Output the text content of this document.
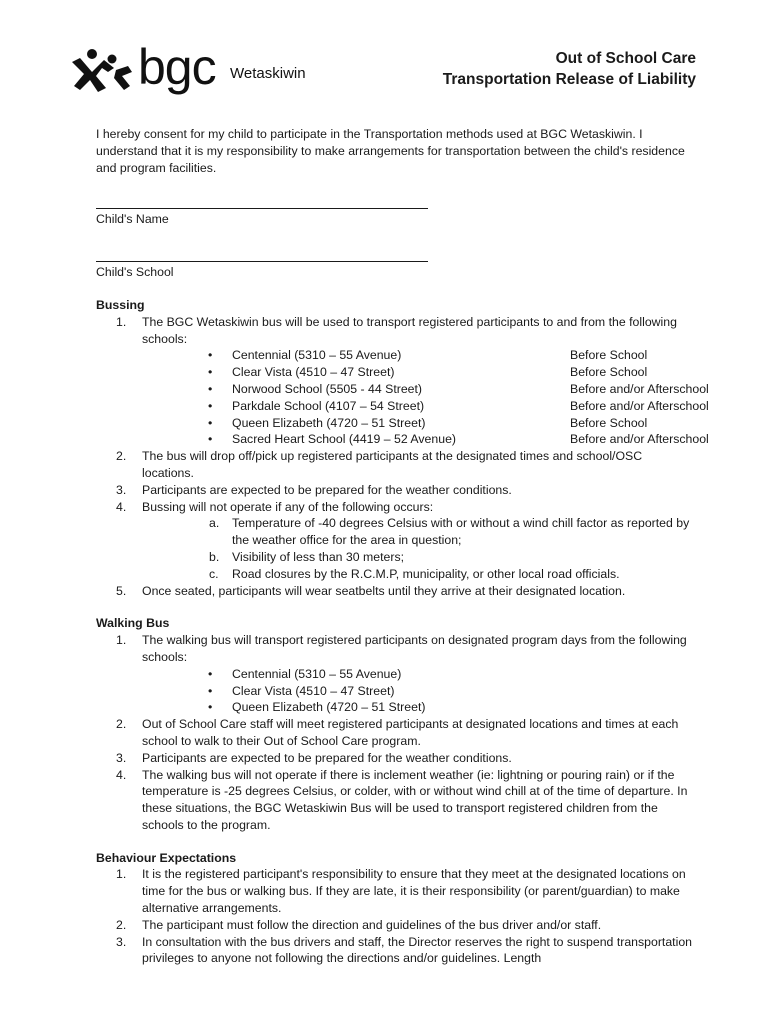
bgc Wetaskiwin
Out of School Care
Transportation Release of Liability

I hereby consent for my child to participate in the Transportation methods used at BGC Wetaskiwin. I understand that it is my responsibility to make arrangements for transportation between the child's residence and program facilities.

Child's Name

Child's School

Bussing

1. The BGC Wetaskiwin bus will be used to transport registered participants to and from the following schools:
• Centennial (5310 – 55 Avenue)	Before School
• Clear Vista (4510 – 47 Street)	Before School
• Norwood School (5505 - 44 Street)	Before and/or Afterschool
• Parkdale School (4107 – 54 Street)	Before and/or Afterschool
• Queen Elizabeth (4720 – 51 Street)	Before School
• Sacred Heart School (4419 – 52 Avenue)	Before and/or Afterschool
2. The bus will drop off/pick up registered participants at the designated times and school/OSC locations.
3. Participants are expected to be prepared for the weather conditions.
4. Bussing will not operate if any of the following occurs:
a. Temperature of -40 degrees Celsius with or without a wind chill factor as reported by the weather office for the area in question;
b. Visibility of less than 30 meters;
c. Road closures by the R.C.M.P, municipality, or other local road officials.
5. Once seated, participants will wear seatbelts until they arrive at their designated location.

Walking Bus

1. The walking bus will transport registered participants on designated program days from the following schools:
• Centennial (5310 – 55 Avenue)
• Clear Vista (4510 – 47 Street)
• Queen Elizabeth (4720 – 51 Street)
2. Out of School Care staff will meet registered participants at designated locations and times at each school to walk to their Out of School Care program.
3. Participants are expected to be prepared for the weather conditions.
4. The walking bus will not operate if there is inclement weather (ie: lightning or pouring rain) or if the temperature is -25 degrees Celsius, or colder, with or without wind chill at of the time of departure. In these situations, the BGC Wetaskiwin Bus will be used to transport registered children from the schools to the program.

Behaviour Expectations

1. It is the registered participant's responsibility to ensure that they meet at the designated locations on time for the bus or walking bus. If they are late, it is their responsibility (or parent/guardian) to make alternative arrangements.
2. The participant must follow the direction and guidelines of the bus driver and/or staff.
3. In consultation with the bus drivers and staff, the Director reserves the right to suspend transportation privileges to anyone not following the directions and/or guidelines. Length
